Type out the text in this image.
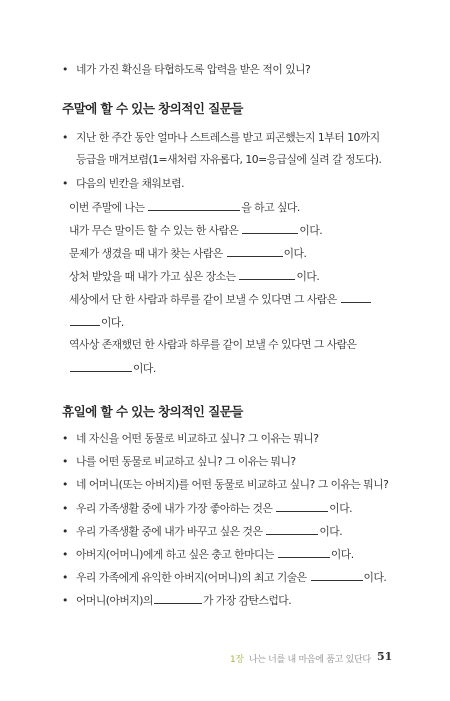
• 네가 가진 확신을 타협하도록 압력을 받은 적이 있니?
주말에 할 수 있는 창의적인 질문들
• 지난 한 주간 동안 얼마나 스트레스를 받고 피곤했는지 1부터 10까지
등급을 매겨보렴(1=새처럼 자유롭다, 10=응급실에 실려 갈 정도다).
• 다음의 빈칸을 채워보렴.
이번 주말에 나는	을 하고 싶다.
내가 무슨 말이든 할 수 있는 한 사람은	이다.
문제가 생겼을 때 내가 찾는 사람은	이다.
상처 받았을 때 내가 가고 싶은 장소는	이다.
세상에서 단 한 사람과 하루를 같이 보낼 수 있다면 그 사람은
이다.
역사상 존재했던 한 사람과 하루를 같이 보낼 수 있다면 그 사람은
이다.
휴일에 할 수 있는 창의적인 질문들
• 네 자신을 어떤 동물로 비교하고 싶니? 그 이유는 뭐니?
• 나를 어떤 동물로 비교하고 싶니? 그 이유는 뭐니?
• 네 어머니(또는 아버지)를 어떤 동물로 비교하고 싶니? 그 이유는 뭐니?
• 우리 가족생활 중에 내가 가장 좋아하는 것은	이다.
• 우리 가족생활 중에 내가 바꾸고 싶은 것은	이다.
• 아버지(어머니)에게 하고 싶은 충고 한마디는	이다.
• 우리 가족에게 유익한 아버지(어머니)의 최고 기술은	이다.
• 어머니(아버지)의	가 가장 감탄스럽다.
1장 나는 너를 내 마음에 품고 있단다 51
